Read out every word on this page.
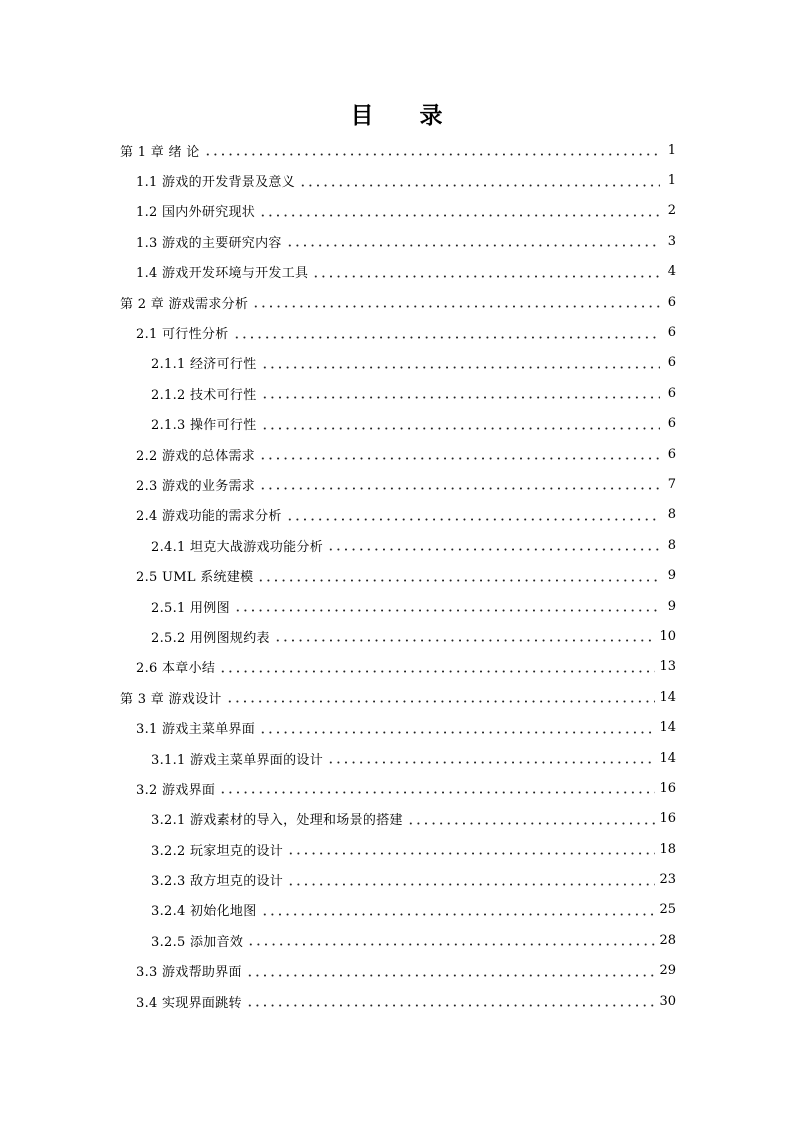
目 录
第 1 章 绪 论	1
1.1 游戏的开发背景及意义	1
1.2 国内外研究现状	2
1.3 游戏的主要研究内容	3
1.4 游戏开发环境与开发工具	4
第 2 章 游戏需求分析	6
2.1 可行性分析	6
2.1.1 经济可行性	6
2.1.2 技术可行性	6
2.1.3 操作可行性	6
2.2 游戏的总体需求	6
2.3 游戏的业务需求	7
2.4 游戏功能的需求分析	8
2.4.1 坦克大战游戏功能分析	8
2.5 UML 系统建模	9
2.5.1 用例图	9
2.5.2 用例图规约表	10
2.6 本章小结	13
第 3 章 游戏设计	14
3.1 游戏主菜单界面	14
3.1.1 游戏主菜单界面的设计	14
3.2 游戏界面	16
3.2.1 游戏素材的导入，处理和场景的搭建	16
3.2.2 玩家坦克的设计	18
3.2.3 敌方坦克的设计	23
3.2.4 初始化地图	25
3.2.5 添加音效	28
3.3 游戏帮助界面	29
3.4 实现界面跳转	30
